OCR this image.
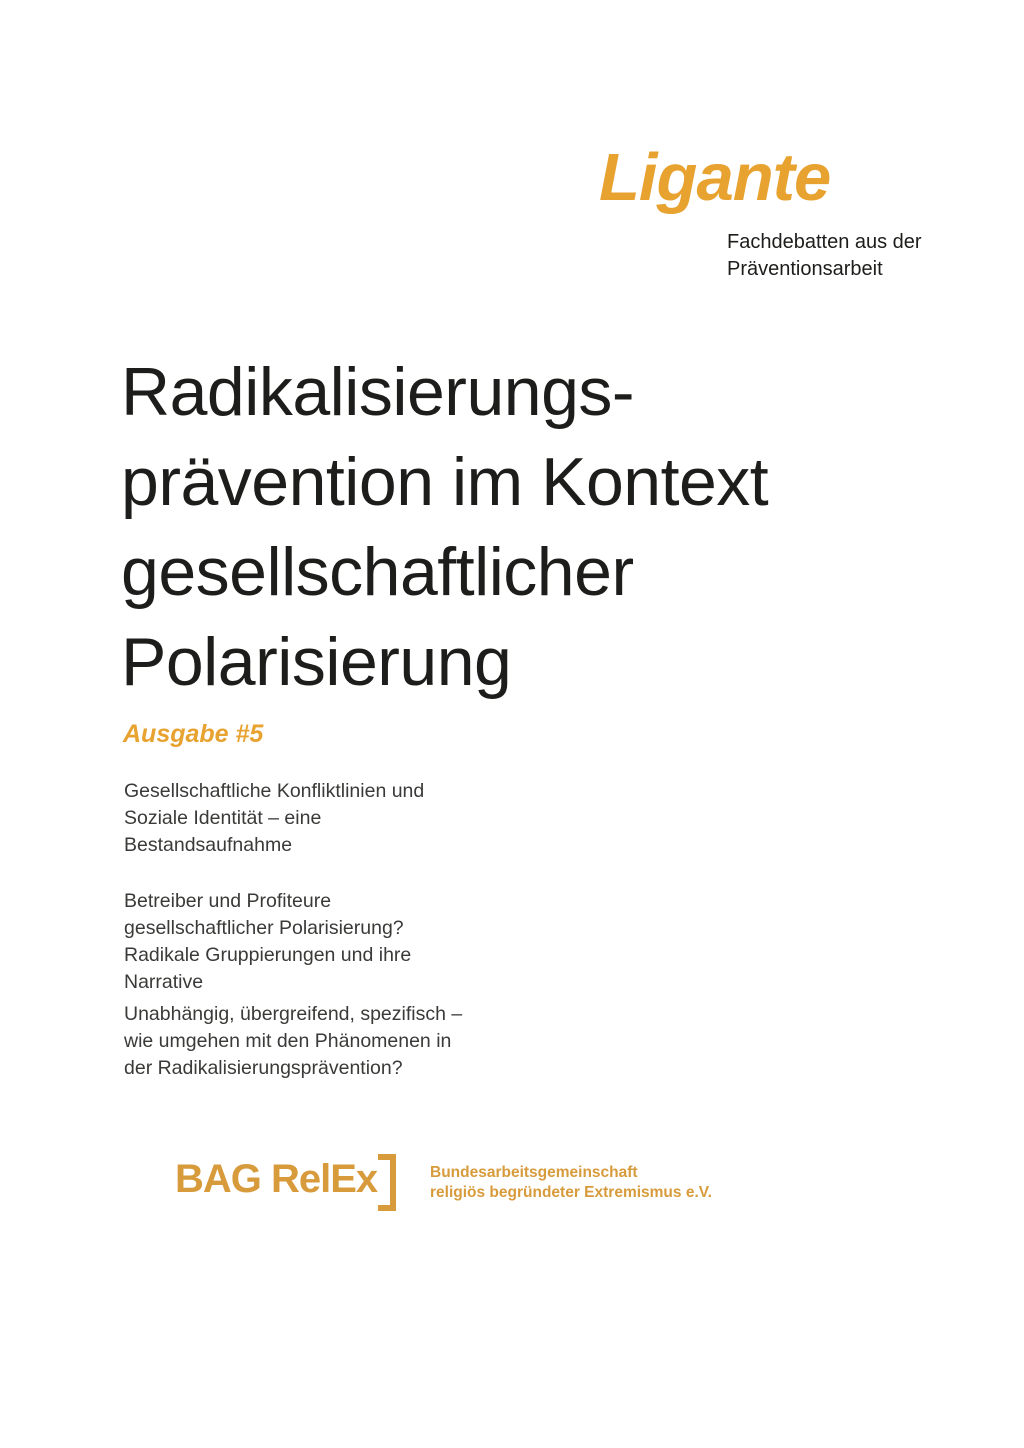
Ligante
Fachdebatten aus der
Präventionsarbeit
Radikalisierungs-
prävention im Kontext
gesellschaftlicher
Polarisierung
Ausgabe #5
Gesellschaftliche Konfliktlinien und
Soziale Identität – eine
Bestandsaufnahme
Betreiber und Profiteure
gesellschaftlicher Polarisierung?
Radikale Gruppierungen und ihre
Narrative
Unabhängig, übergreifend, spezifisch –
wie umgehen mit den Phänomenen in
der Radikalisierungsprävention?
BAG RelEx	Bundesarbeitsgemeinschaft
religiös begründeter Extremismus e.V.
